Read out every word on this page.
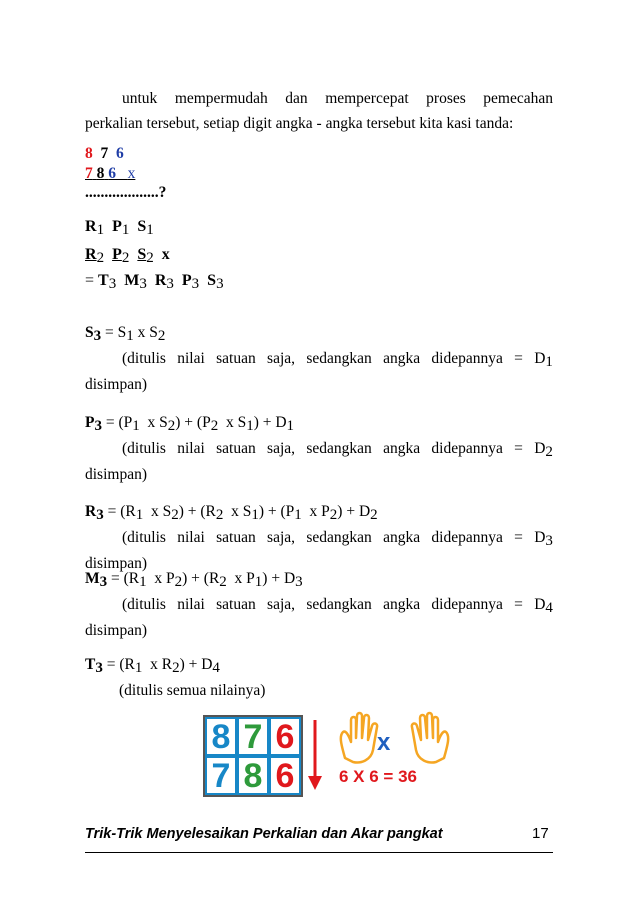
untuk mempermudah dan mempercepat proses pemecahan
perkalian tersebut, setiap digit angka - angka tersebut kita kasi tanda:
8 7 6
7 8 6 x
...................?
$R_1$ $P_1$ $S_1$
$R_2$ $P_2$ $S_2$ x
= $T_3$ $M_3$ $R_3$ $P_3$ $S_3$
$S_3 = S_1$ x $S_2$
(ditulis nilai satuan saja, sedangkan angka didepannya = $D_1$
disimpan)
$P_3 = (P_1$  x $S_2) + (P_2$  x $S_1) + D_1$
(ditulis nilai satuan saja, sedangkan angka didepannya = $D_2$
disimpan)
$R_3 = (R_1$  x $S_2) + (R_2$  x $S_1) + (P_1$  x $P_2) + D_2$
(ditulis nilai satuan saja, sedangkan angka didepannya = $D_3$
disimpan)
$M_3 = (R_1$  x $P_2) + (R_2$  x $P_1) + D_3$
(ditulis nilai satuan saja, sedangkan angka didepannya = $D_4$
disimpan)
$T_3 = (R_1$  x $R_2) + D_4$
(ditulis semua nilainya)
8 7 6
7 8 6
x
6 X 6 = 36
Trik-Trik Menyelesaikan Perkalian dan Akar pangkat	17
